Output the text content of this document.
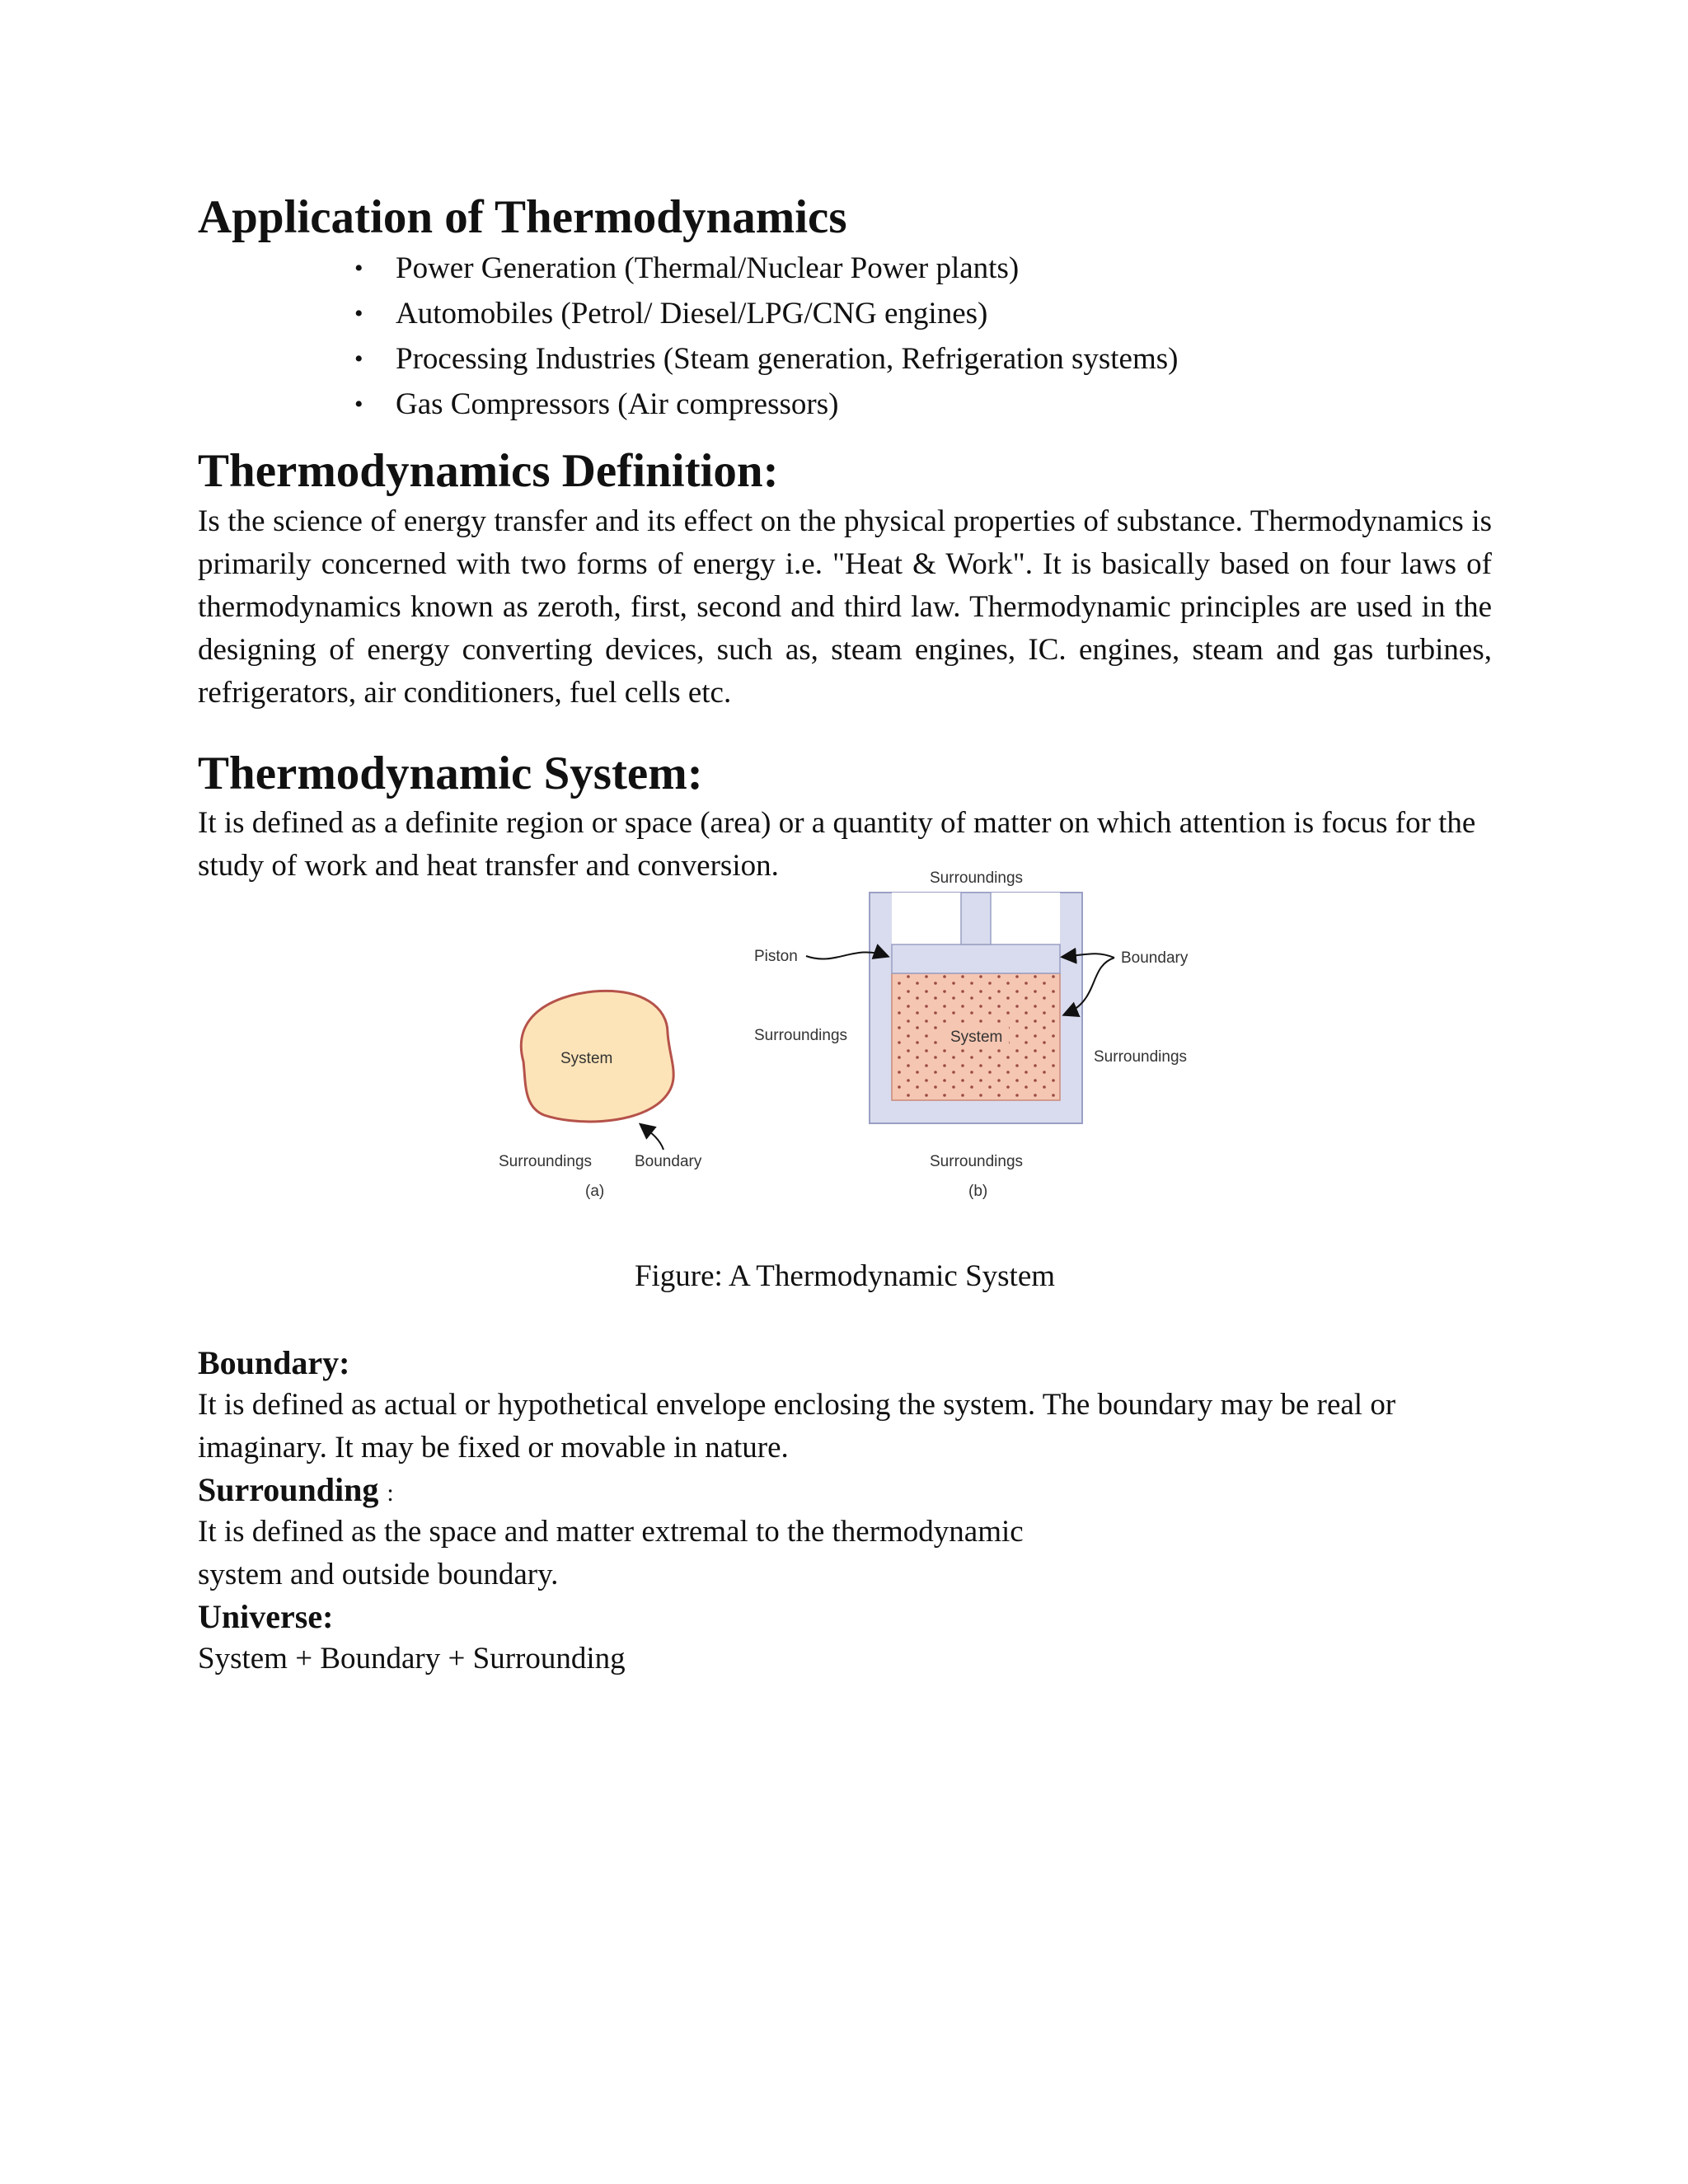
Application of Thermodynamics
• Power Generation (Thermal/Nuclear Power plants)
• Automobiles (Petrol/ Diesel/LPG/CNG engines)
• Processing Industries (Steam generation, Refrigeration systems)
• Gas Compressors (Air compressors)
Thermodynamics Definition:

Is the science of energy transfer and its effect on the physical properties of substance. Thermodynamics is primarily concerned with two forms of energy i.e. "Heat & Work". It is basically based on four laws of thermodynamics known as zeroth, first, second and third law. Thermodynamic principles are used in the designing of energy converting devices, such as, steam engines, IC. engines, steam and gas turbines, refrigerators, air conditioners, fuel cells etc.

Thermodynamic System:

It is defined as a definite region or space (area) or a quantity of matter on which attention is focus for the study of work and heat transfer and conversion.

System
Surroundings	Boundary
(a)
Surroundings
Piston	Boundary
Surroundings	System
Surroundings
Surroundings
(b)

Figure: A Thermodynamic System

Boundary:

It is defined as actual or hypothetical envelope enclosing the system. The boundary may be real or imaginary. It may be fixed or movable in nature.

Surrounding :

It is defined as the space and matter extremal to the thermodynamic

system and outside boundary.

Universe:

System + Boundary + Surrounding
